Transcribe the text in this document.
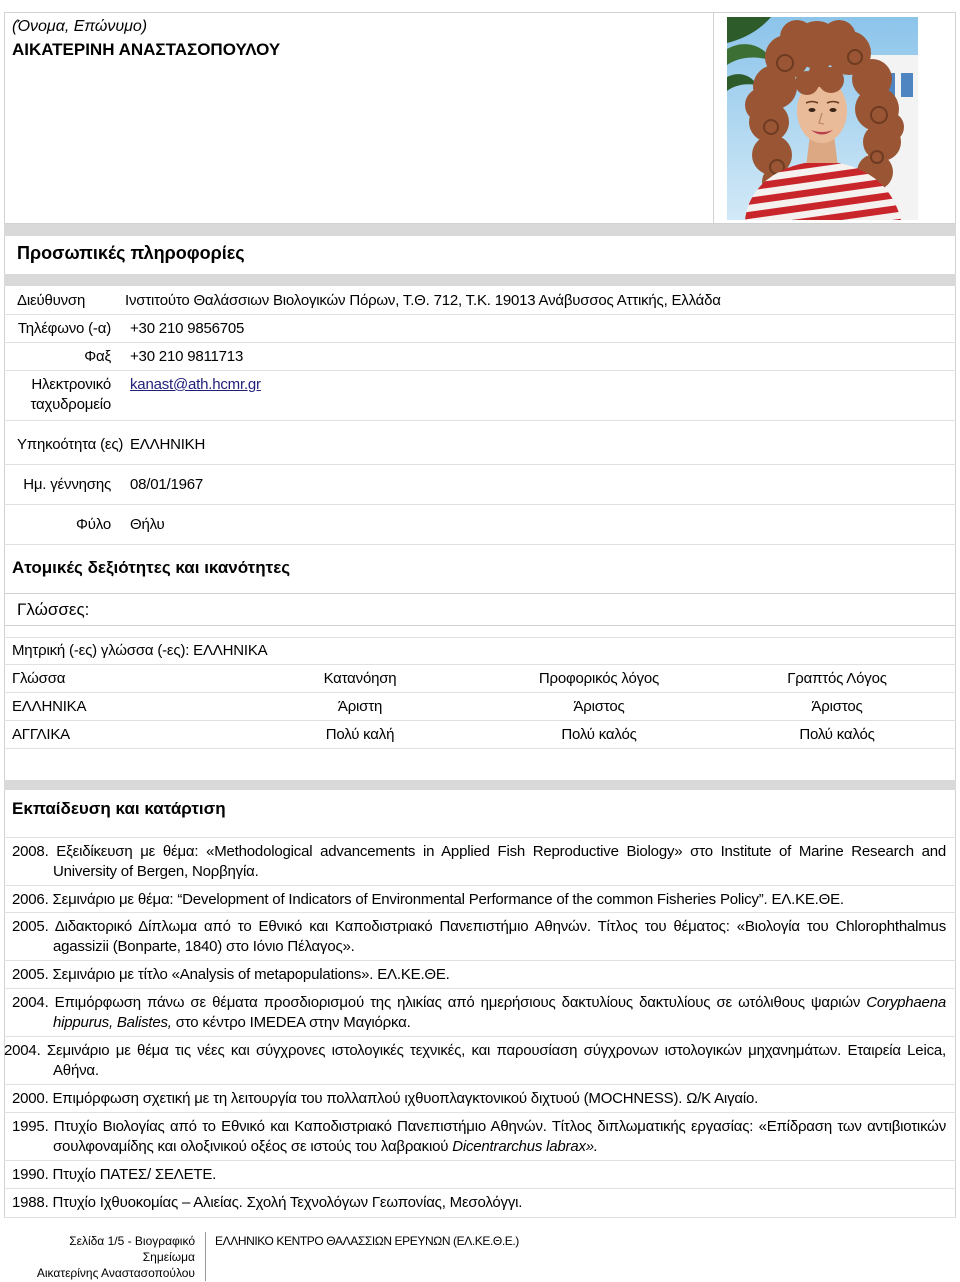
(Όνομα, Επώνυμο)
ΑΙΚΑΤΕΡΙΝΗ ΑΝΑΣΤΑΣΟΠΟΥΛΟΥ
Προσωπικές πληροφορίες
Διεύθυνση	Ινστιτούτο Θαλάσσιων Βιολογικών Πόρων, Τ.Θ. 712, Τ.Κ. 19013 Ανάβυσσος Αττικής, Ελλάδα
Τηλέφωνο (-α) +30 210 9856705
Φαξ +30 210 9811713
Ηλεκτρονικό ταχυδρομείο
kanast@ath.hcmr.gr
Υπηκοότητα (ες) ΕΛΛΗΝΙΚΗ
Ημ. γέννησης 08/01/1967
Φύλο Θήλυ
Ατομικές δεξιότητες και ικανότητες
Γλώσσες:
Μητρική (-ες) γλώσσα (-ες): ΕΛΛΗΝΙΚΑ
Γλώσσα	Κατανόηση	Προφορικός λόγος	Γραπτός Λόγος
ΕΛΛΗΝΙΚΑ	Άριστη	Άριστος	Άριστος
ΑΓΓΛΙΚΑ	Πολύ καλή	Πολύ καλός	Πολύ καλός
Εκπαίδευση και κατάρτιση

2008. Εξειδίκευση με θέμα: «Methodological advancements in Applied Fish Reproductive Biology» στο Institute of Marine Research and University of Bergen, Νορβηγία.

2006. Σεμινάριο με θέμα: “Development of Indicators of Environmental Performance of the common Fisheries Policy”. ΕΛ.ΚΕ.ΘΕ.

2005. Διδακτορικό Δίπλωμα από το Εθνικό και Καποδιστριακό Πανεπιστήμιο Αθηνών. Τίτλος του θέματος: «Βιολογία του Chlorophthalmus agassizii (Bonparte, 1840) στο Ιόνιο Πέλαγος».

2005. Σεμινάριο με τίτλο «Analysis of metapopulations». ΕΛ.ΚΕ.ΘΕ.

2004. Επιμόρφωση πάνω σε θέματα προσδιορισμού της ηλικίας από ημερήσιους δακτυλίους δακτυλίους σε ωτόλιθους ψαριών Coryphaena hippurus, Balistes, στο κέντρο IMEDEA στην Μαγιόρκα.

2004. Σεμινάριο με θέμα τις νέες και σύγχρονες ιστολογικές τεχνικές, και παρουσίαση σύγχρονων ιστολογικών μηχανημάτων. Εταιρεία Leica, Αθήνα.

2000. Επιμόρφωση σχετική με τη λειτουργία του πολλαπλού ιχθυοπλαγκτονικού διχτυού (MOCHNESS). Ω/Κ Αιγαίο.

1995. Πτυχίο Βιολογίας από το Εθνικό και Καποδιστριακό Πανεπιστήμιο Αθηνών. Τίτλος διπλωματικής εργασίας: «Επίδραση των αντιβιοτικών σουλφοναμίδης και ολοξινικού οξέος σε ιστούς του λαβρακιού Dicentrarchus labrax».

1990. Πτυχίο ΠΑΤΕΣ/ ΣΕΛΕΤΕ.

1988. Πτυχίο Ιχθυοκομίας – Αλιείας. Σχολή Τεχνολόγων Γεωπονίας, Μεσολόγγι.

Σελίδα 1/5 - Βιογραφικό
Σημείωμα
Αικατερίνης Αναστασοπούλου
ΕΛΛΗΝΙΚΟ ΚΕΝΤΡΟ ΘΑΛΑΣΣΙΩΝ ΕΡΕΥΝΩΝ (ΕΛ.ΚΕ.Θ.Ε.)
